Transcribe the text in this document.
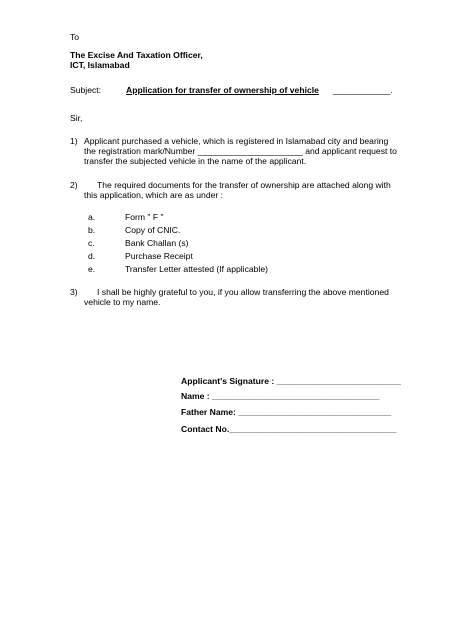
To
The Excise And Taxation Officer,
ICT, Islamabad
Subject:	Application for transfer of ownership of vehicle ____________.
Sir,
1) Applicant purchased a vehicle, which is registered in Islamabad city and bearing
the registration mark/Number ______________________ and applicant request to
transfer the subjected vehicle in the name of the applicant.
2) The required documents for the transfer of ownership are attached along with
this application, which are as under :
a.	Form " F "
b.	Copy of CNIC.
c.	Bank Challan (s)
d.	Purchase Receipt
e.	Transfer Letter attested (If applicable)
3) I shall be highly grateful to you, if you allow transferring the above mentioned
vehicle to my name.
Applicant's Signature : __________________________
Name : ___________________________________
Father Name: ________________________________
Contact No.___________________________________
